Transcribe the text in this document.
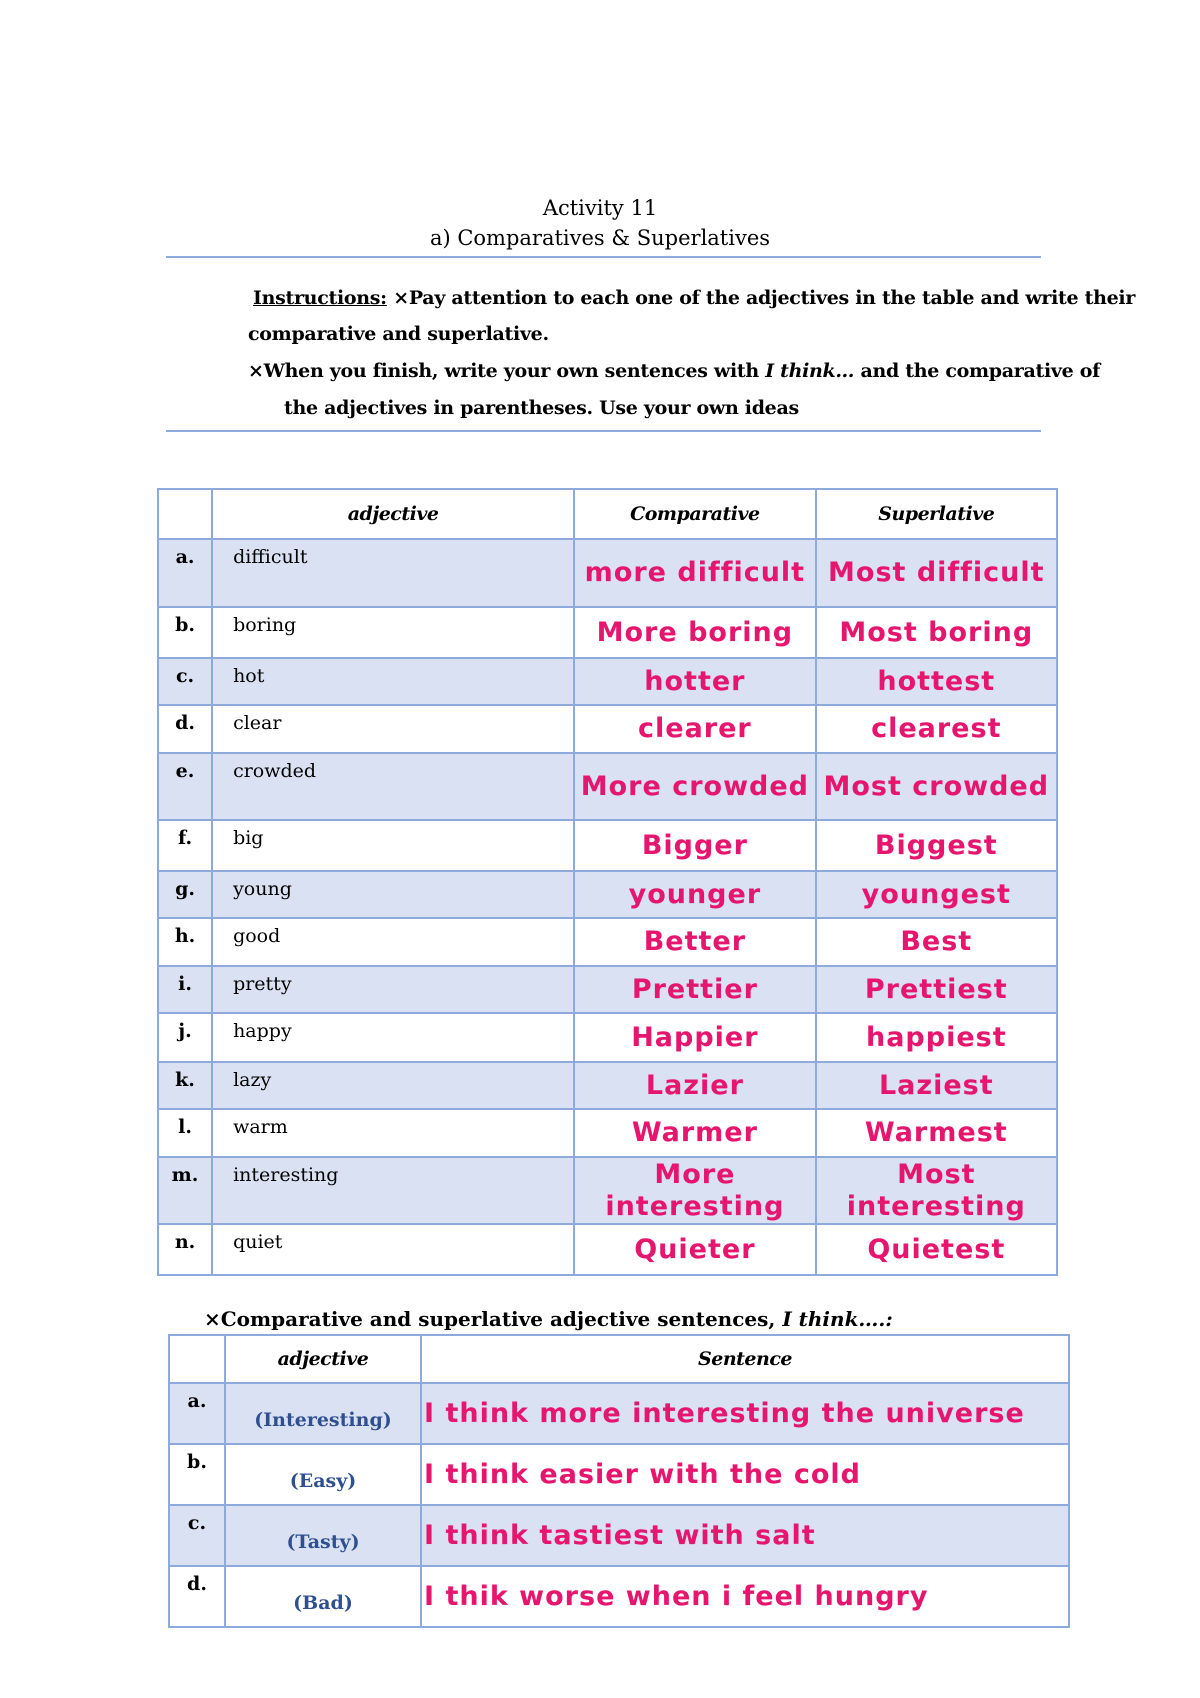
Activity 11
a) Comparatives & Superlatives
Instructions: ⨯Pay attention to each one of the adjectives in the table and write their
comparative and superlative.
⨯When you finish, write your own sentences with I think… and the comparative of
the adjectives in parentheses. Use your own ideas
	adjective	Comparative	Superlative
a.	difficult	more difficult	Most difficult
b.	boring	More boring	Most boring
c.	hot	hotter	hottest
d.	clear	clearer	clearest
e.	crowded	More crowded	Most crowded
f.	big	Bigger	Biggest
g.	young	younger	youngest
h.	good	Better	Best
i.	pretty	Prettier	Prettiest
j.	happy	Happier	happiest
k.	lazy	Lazier	Laziest
l.	warm	Warmer	Warmest
m.	interesting	More interesting	Most interesting
n.	quiet	Quieter	Quietest
⨯Comparative and superlative adjective sentences, I think….:
	adjective	Sentence
a.	(Interesting)	I think more interesting the universe
b.	(Easy)	I think easier with the cold
c.	(Tasty)	I think tastiest with salt
d.	(Bad)	I thik worse when i feel hungry
